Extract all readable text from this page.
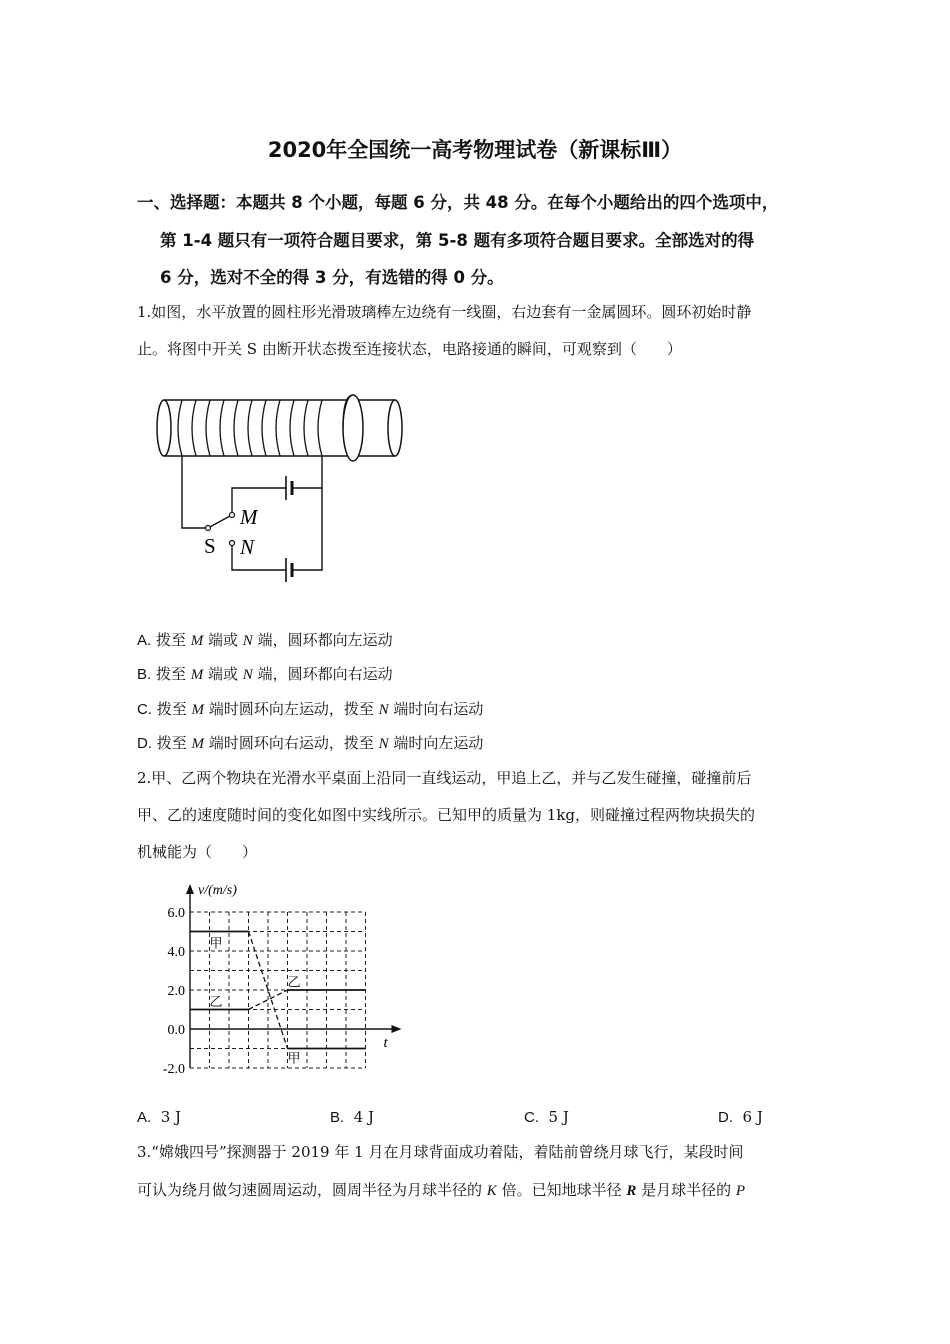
2020年全国统一高考物理试卷（新课标Ⅲ）
一、选择题：本题共 8 个小题，每题 6 分，共 48 分。在每个小题给出的四个选项中，
第 1-4 题只有一项符合题目要求，第 5-8 题有多项符合题目要求。全部选对的得
6 分，选对不全的得 3 分，有选错的得 0 分。
1.如图，水平放置的圆柱形光滑玻璃棒左边绕有一线圈，右边套有一金属圆环。圆环初始时静
止。将图中开关 S 由断开状态拨至连接状态，电路接通的瞬间，可观察到（　　）
M
N
S
A. 拨至 M 端或 N 端，圆环都向左运动
B. 拨至 M 端或 N 端，圆环都向右运动
C. 拨至 M 端时圆环向左运动，拨至 N 端时向右运动
D. 拨至 M 端时圆环向右运动，拨至 N 端时向左运动
2.甲、乙两个物块在光滑水平桌面上沿同一直线运动，甲追上乙，并与乙发生碰撞，碰撞前后
甲、乙的速度随时间的变化如图中实线所示。已知甲的质量为 1kg，则碰撞过程两物块损失的
机械能为（　　）
v/(m/s)
t
6.0
4.0
2.0
0.0
-2.0
甲
乙
乙
甲
A. 3 J	B. 4 J	C. 5 J	D. 6 J
3.“嫦娥四号”探测器于 2019 年 1 月在月球背面成功着陆，着陆前曾绕月球飞行，某段时间
可认为绕月做匀速圆周运动，圆周半径为月球半径的 K 倍。已知地球半径 R 是月球半径的 P
